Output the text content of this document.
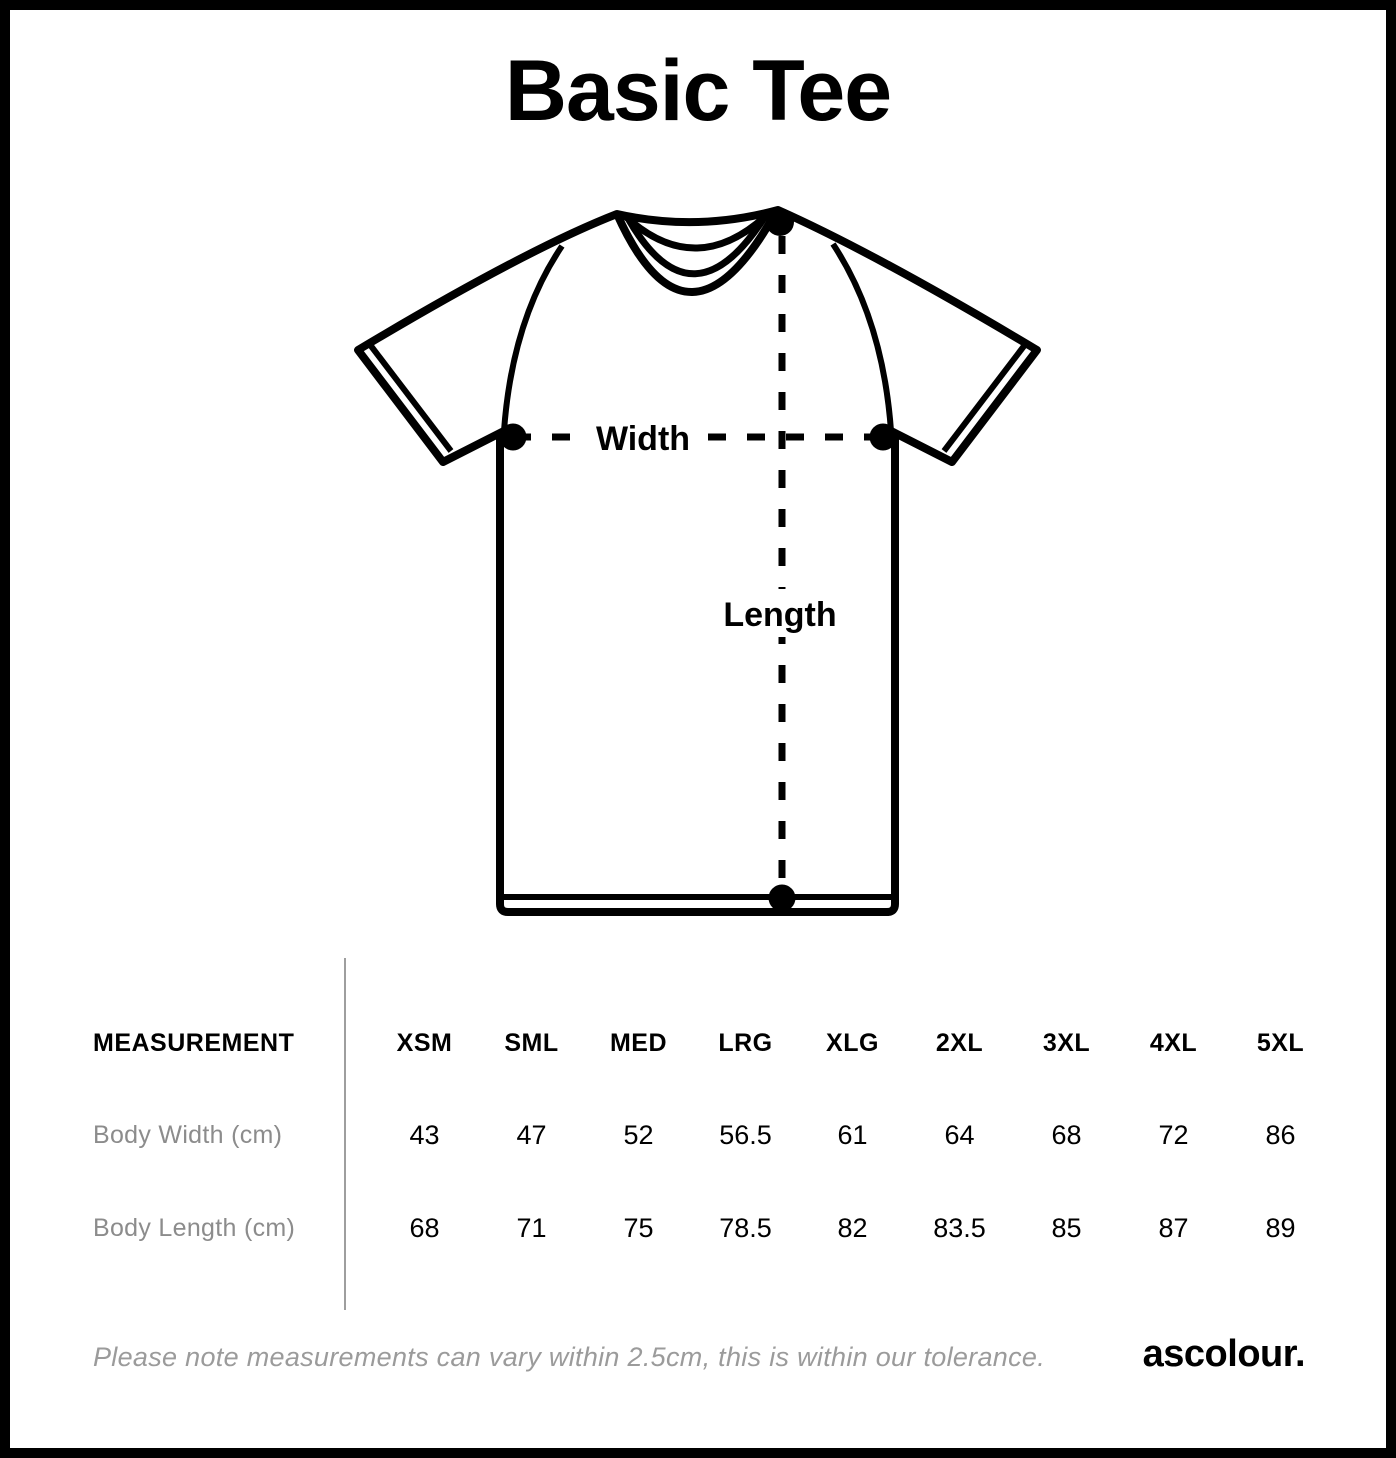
Basic Tee
Width
Length
MEASUREMENT	XSM	SML	MED	LRG	XLG	2XL	3XL	4XL	5XL
Body Width (cm)	43	47	52	56.5	61	64	68	72	86
Body Length (cm)	68	71	75	78.5	82	83.5	85	87	89
Please note measurements can vary within 2.5cm, this is within our tolerance.	ascolour.
